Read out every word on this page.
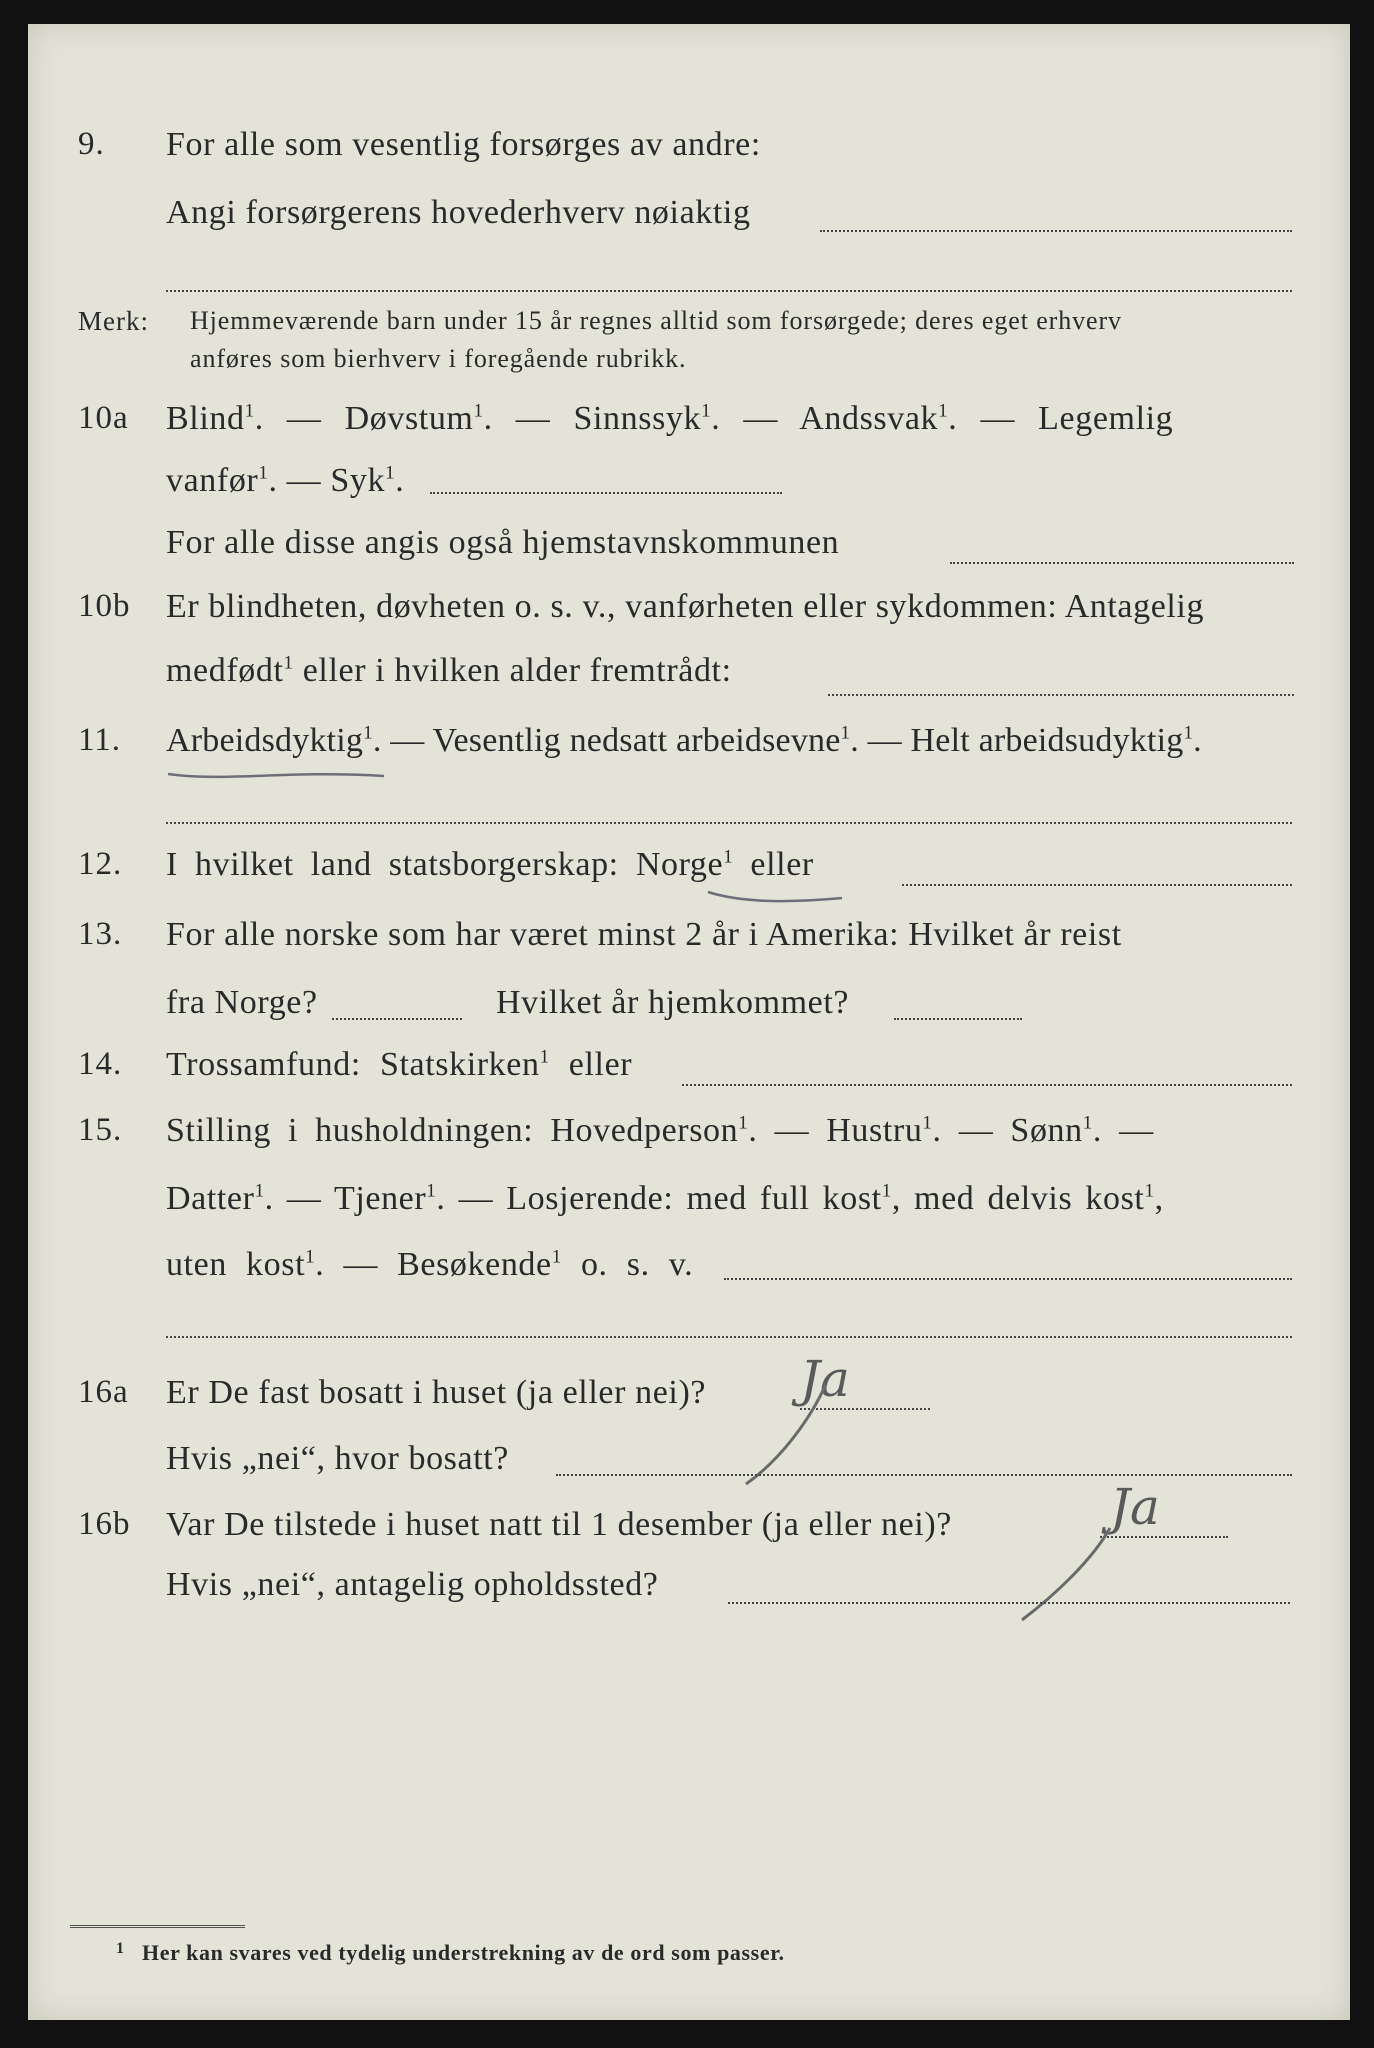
9. For alle som vesentlig forsørges av andre:
Angi forsørgerens hovederhverv nøiaktig
Merk: Hjemmeværende barn under 15 år regnes alltid som forsørgede; deres eget erhverv
anføres som bierhverv i foregående rubrikk.
10a Blind$^1$. — Døvstum$^1$. — Sinnssyk$^1$. — Andssvak$^1$. — Legemlig
vanfør$^1$. — Syk$^1$.
For alle disse angis også hjemstavnskommunen
10b Er blindheten, døvheten o. s. v., vanførheten eller sykdommen: Antagelig
medfødt$^1$ eller i hvilken alder fremtrådt:
11. Arbeidsdyktig$^1$. — Vesentlig nedsatt arbeidsevne$^1$. — Helt arbeidsudyktig$^1$.
12. I hvilket land statsborgerskap: Norge$^1$ eller
13. For alle norske som har været minst 2 år i Amerika: Hvilket år reist
fra Norge?	Hvilket år hjemkommet?
14. Trossamfund: Statskirken$^1$ eller
15. Stilling i husholdningen: Hovedperson$^1$. — Hustru$^1$. — Sønn$^1$. —
Datter$^1$. — Tjener$^1$. — Losjerende: med full kost$^1$, med delvis kost$^1$,
uten kost$^1$. — Besøkende$^1$ o. s. v.
16a Er De fast bosatt i huset (ja eller nei)? Ja
Hvis „nei“, hvor bosatt?
16b Var De tilstede i huset natt til 1 desember (ja eller nei)?	Ja
Hvis „nei“, antagelig opholdssted?
1 Her kan svares ved tydelig understrekning av de ord som passer.
